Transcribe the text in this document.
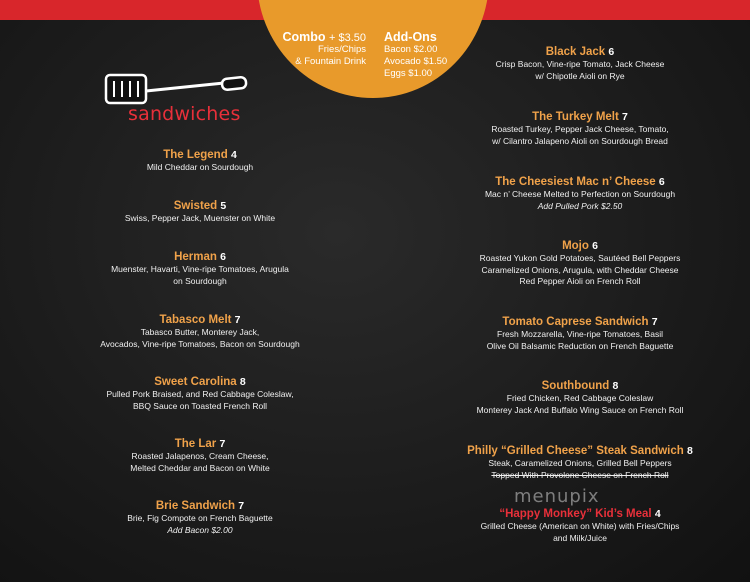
Combo + $3.50
Fries/Chips
& Fountain Drink
Add-Ons
Bacon $2.00
Avocado $1.50
Eggs $1.00
sandwiches
The Legend 4
Mild Cheddar on Sourdough
Swisted 5
Swiss, Pepper Jack, Muenster on White
Herman 6
Muenster, Havarti, Vine-ripe Tomatoes, Arugula
on Sourdough
Tabasco Melt 7
Tabasco Butter, Monterey Jack,
Avocados, Vine-ripe Tomatoes, Bacon on Sourdough
Sweet Carolina 8
Pulled Pork Braised, and Red Cabbage Coleslaw,
BBQ Sauce on Toasted French Roll
The Lar 7
Roasted Jalapenos, Cream Cheese,
Melted Cheddar and Bacon on White
Brie Sandwich 7
Brie, Fig Compote on French Baguette
Add Bacon $2.00
Black Jack 6
Crisp Bacon, Vine-ripe Tomato, Jack Cheese
w/ Chipotle Aioli on Rye
The Turkey Melt 7
Roasted Turkey, Pepper Jack Cheese, Tomato,
w/ Cilantro Jalapeno Aioli on Sourdough Bread
The Cheesiest Mac n’ Cheese 6
Mac n’ Cheese Melted to Perfection on Sourdough
Add Pulled Pork $2.50
Mojo 6
Roasted Yukon Gold Potatoes, Sautéed Bell Peppers
Caramelized Onions, Arugula, with Cheddar Cheese
Red Pepper Aioli on French Roll
Tomato Caprese Sandwich 7
Fresh Mozzarella, Vine-ripe Tomatoes, Basil
Olive Oil Balsamic Reduction on French Baguette
Southbound 8
Fried Chicken, Red Cabbage Coleslaw
Monterey Jack And Buffalo Wing Sauce on French Roll
Philly “Grilled Cheese” Steak Sandwich 8
Steak, Caramelized Onions, Grilled Bell Peppers
Topped With Provolone Cheese on French Roll
“Happy Monkey” Kid’s Meal 4
Grilled Cheese (American on White) with Fries/Chips
and Milk/Juice
menupix
